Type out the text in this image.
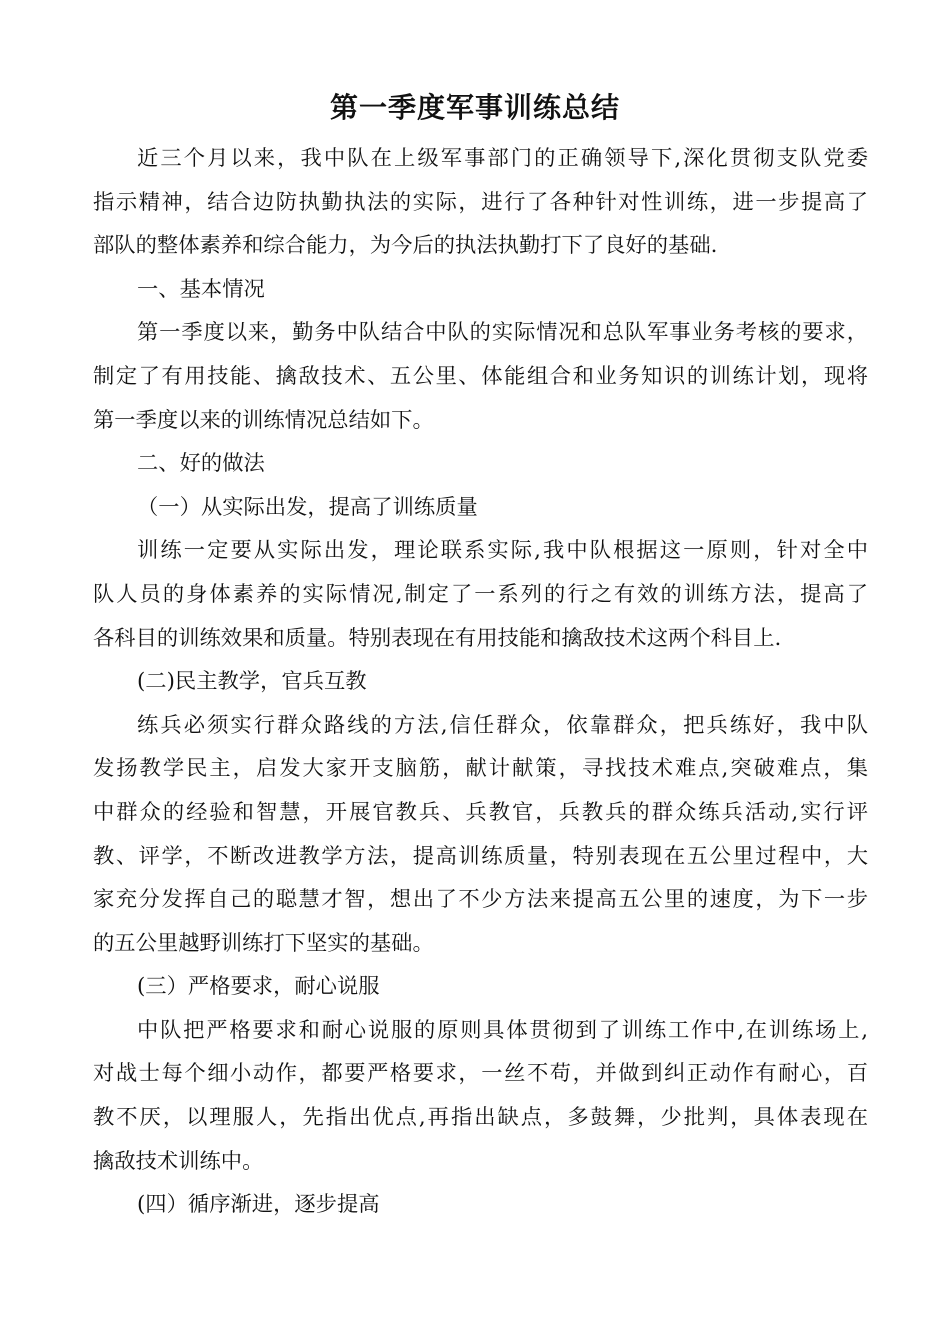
第一季度军事训练总结
近三个月以来，我中队在上级军事部门的正确领导下,深化贯彻支队党委
指示精神，结合边防执勤执法的实际，进行了各种针对性训练，进一步提高了
部队的整体素养和综合能力，为今后的执法执勤打下了良好的基础.
一、基本情况
第一季度以来，勤务中队结合中队的实际情况和总队军事业务考核的要求，
制定了有用技能、擒敌技术、五公里、体能组合和业务知识的训练计划，现将
第一季度以来的训练情况总结如下。
二、好的做法
（一）从实际出发，提高了训练质量
训练一定要从实际出发，理论联系实际,我中队根据这一原则，针对全中
队人员的身体素养的实际情况,制定了一系列的行之有效的训练方法，提高了
各科目的训练效果和质量。特别表现在有用技能和擒敌技术这两个科目上.
(二)民主教学，官兵互教
练兵必须实行群众路线的方法,信任群众，依靠群众，把兵练好，我中队
发扬教学民主，启发大家开支脑筋，献计献策，寻找技术难点,突破难点，集
中群众的经验和智慧，开展官教兵、兵教官，兵教兵的群众练兵活动,实行评
教、评学，不断改进教学方法，提高训练质量，特别表现在五公里过程中，大
家充分发挥自己的聪慧才智，想出了不少方法来提高五公里的速度，为下一步
的五公里越野训练打下坚实的基础。
(三）严格要求，耐心说服
中队把严格要求和耐心说服的原则具体贯彻到了训练工作中,在训练场上,
对战士每个细小动作，都要严格要求，一丝不苟，并做到纠正动作有耐心，百
教不厌，以理服人，先指出优点,再指出缺点，多鼓舞，少批判，具体表现在
擒敌技术训练中。
(四）循序渐进，逐步提高
